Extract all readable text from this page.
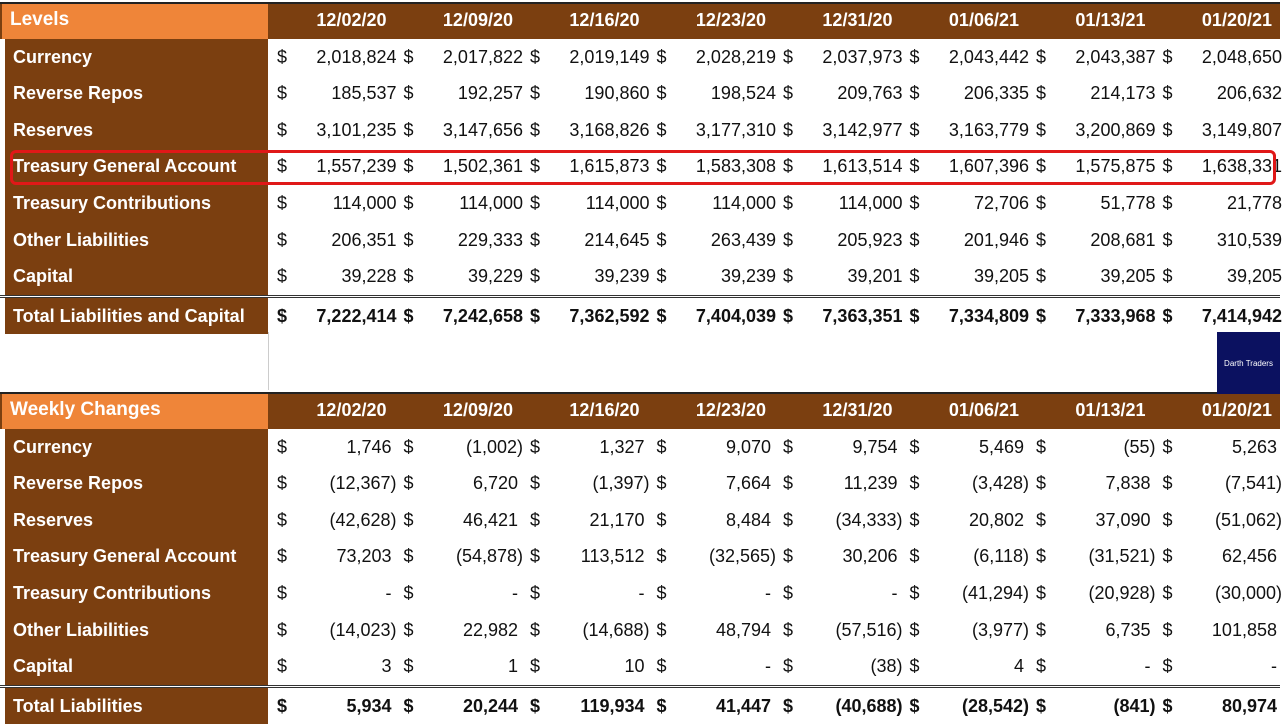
Levels	12/02/20	12/09/20	12/16/20	12/23/20	12/31/20	01/06/21	01/13/21	01/20/21
Currency	$	2,018,824 $	2,017,822 $	2,019,149 $	2,028,219 $	2,037,973 $	2,043,442 $	2,043,387 $	2,048,650
Reverse Repos	$	185,537 $	192,257 $	190,860 $	198,524 $	209,763 $	206,335 $	214,173 $	206,632
Reserves	$	3,101,235 $	3,147,656 $	3,168,826 $	3,177,310 $	3,142,977 $	3,163,779 $	3,200,869 $	3,149,807
Treasury General Account	$	1,557,239 $	1,502,361 $	1,615,873 $	1,583,308 $	1,613,514 $	1,607,396 $	1,575,875 $	1,638,331
Treasury Contributions	$	114,000 $	114,000 $	114,000 $	114,000 $	114,000 $	72,706 $	51,778 $	21,778
Other Liabilities	$	206,351 $	229,333 $	214,645 $	263,439 $	205,923 $	201,946 $	208,681 $	310,539
Capital	$	39,228 $	39,229 $	39,239 $	39,239 $	39,201 $	39,205 $	39,205 $	39,205
Total Liabilities and Capital	$	7,222,414 $	7,242,658 $	7,362,592 $	7,404,039 $	7,363,351 $	7,334,809 $	7,333,968 $	7,414,942
Weekly Changes	12/02/20	12/09/20	12/16/20	12/23/20	12/31/20	01/06/21	01/13/21	01/20/21
Currency	$	1,746 $	(1,002) $	1,327 $	9,070 $	9,754 $	5,469 $	(55) $	5,263
Reverse Repos	$	(12,367) $	6,720 $	(1,397) $	7,664 $	11,239 $	(3,428) $	7,838 $	(7,541)
Reserves	$	(42,628) $	46,421 $	21,170 $	8,484 $	(34,333) $	20,802 $	37,090 $	(51,062)
Treasury General Account	$	73,203 $	(54,878) $	113,512 $	(32,565) $	30,206 $	(6,118) $	(31,521) $	62,456
Treasury Contributions	$	- $	- $	- $	- $	- $	(41,294) $	(20,928) $	(30,000)
Other Liabilities	$	(14,023) $	22,982 $	(14,688) $	48,794 $	(57,516) $	(3,977) $	6,735 $	101,858
Capital	$	3 $	1 $	10 $	- $	(38) $	4 $	- $	-
Total Liabilities	$	5,934 $	20,244 $	119,934 $	41,447 $	(40,688) $	(28,542) $	(841) $	80,974
Darth Traders
